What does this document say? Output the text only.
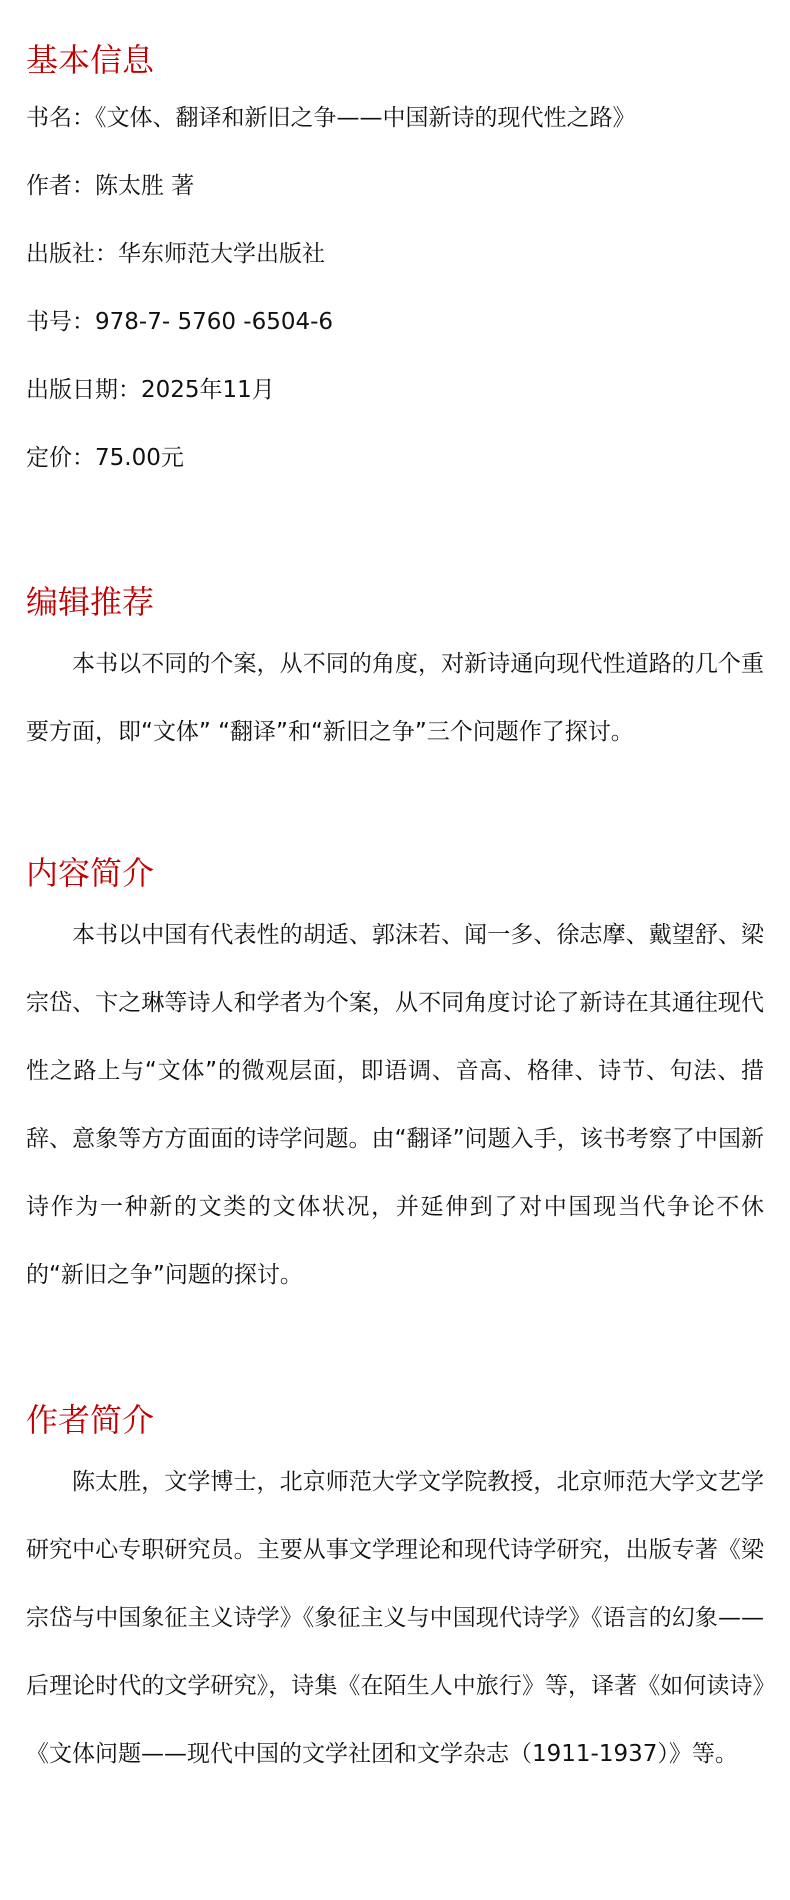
基本信息

书名：《文体、翻译和新旧之争——中国新诗的现代性之路》

作者：陈太胜 著

出版社：华东师范大学出版社

书号：978-7- 5760 -6504-6

出版日期：2025年11月

定价：75.00元

编辑推荐

本书以不同的个案，从不同的角度，对新诗通向现代性道路的几个重要方面，即“文体” “翻译”和“新旧之争”三个问题作了探讨。

内容简介

本书以中国有代表性的胡适、郭沫若、闻一多、徐志摩、戴望舒、梁宗岱、卞之琳等诗人和学者为个案，从不同角度讨论了新诗在其通往现代性之路上与“文体”的微观层面，即语调、音高、格律、诗节、句法、措辞、意象等方方面面的诗学问题。由“翻译”问题入手，该书考察了中国新诗作为一种新的文类的文体状况，并延伸到了对中国现当代争论不休的“新旧之争”问题的探讨。

作者简介

陈太胜，文学博士，北京师范大学文学院教授，北京师范大学文艺学研究中心专职研究员。主要从事文学理论和现代诗学研究，出版专著《梁宗岱与中国象征主义诗学》《象征主义与中国现代诗学》《语言的幻象——后理论时代的文学研究》，诗集《在陌生人中旅行》等，译著《如何读诗》《文体问题——现代中国的文学社团和文学杂志（1911-1937）》等。
